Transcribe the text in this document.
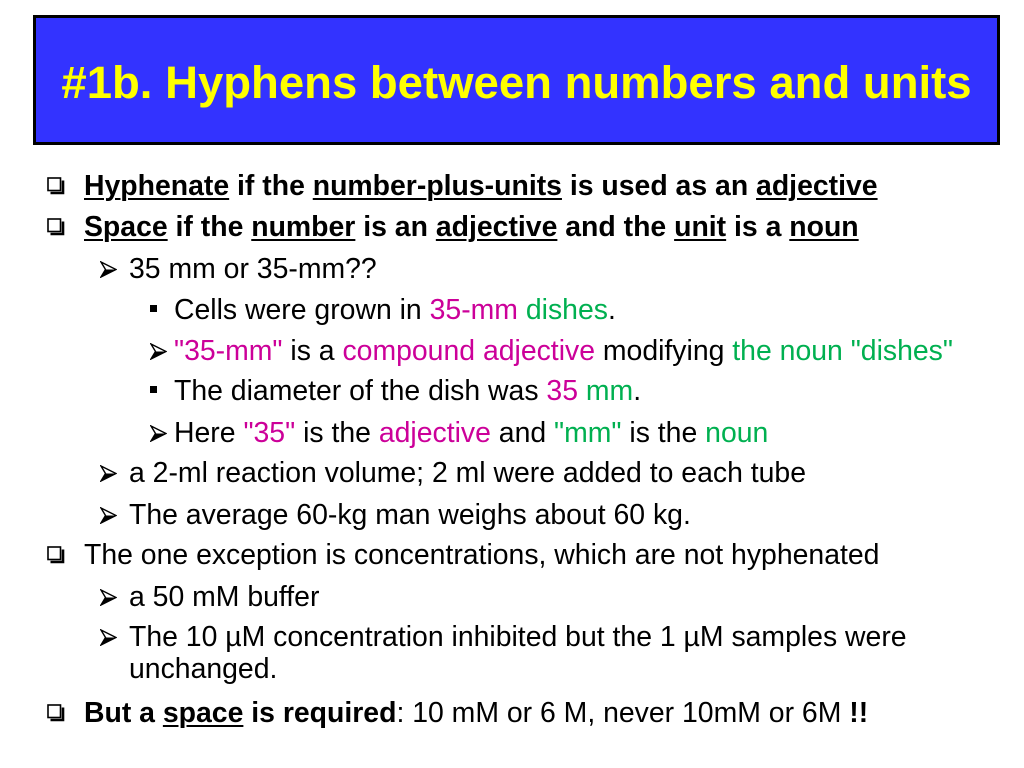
#1b. Hyphens between numbers and units
Hyphenate if the number-plus-units is used as an adjective
Space if the number is an adjective and the unit is a noun
35 mm or 35-mm??
Cells were grown in 35-mm dishes.
"35-mm" is a compound adjective modifying the noun "dishes"
The diameter of the dish was 35 mm.
Here "35" is the adjective and "mm" is the noun
a 2-ml reaction volume; 2 ml were added to each tube
The average 60-kg man weighs about 60 kg.
The one exception is concentrations, which are not hyphenated
a 50 mM buffer
The 10 µM concentration inhibited but the 1 µM samples were unchanged.
But a space is required: 10 mM or 6 M, never 10mM or 6M !!
